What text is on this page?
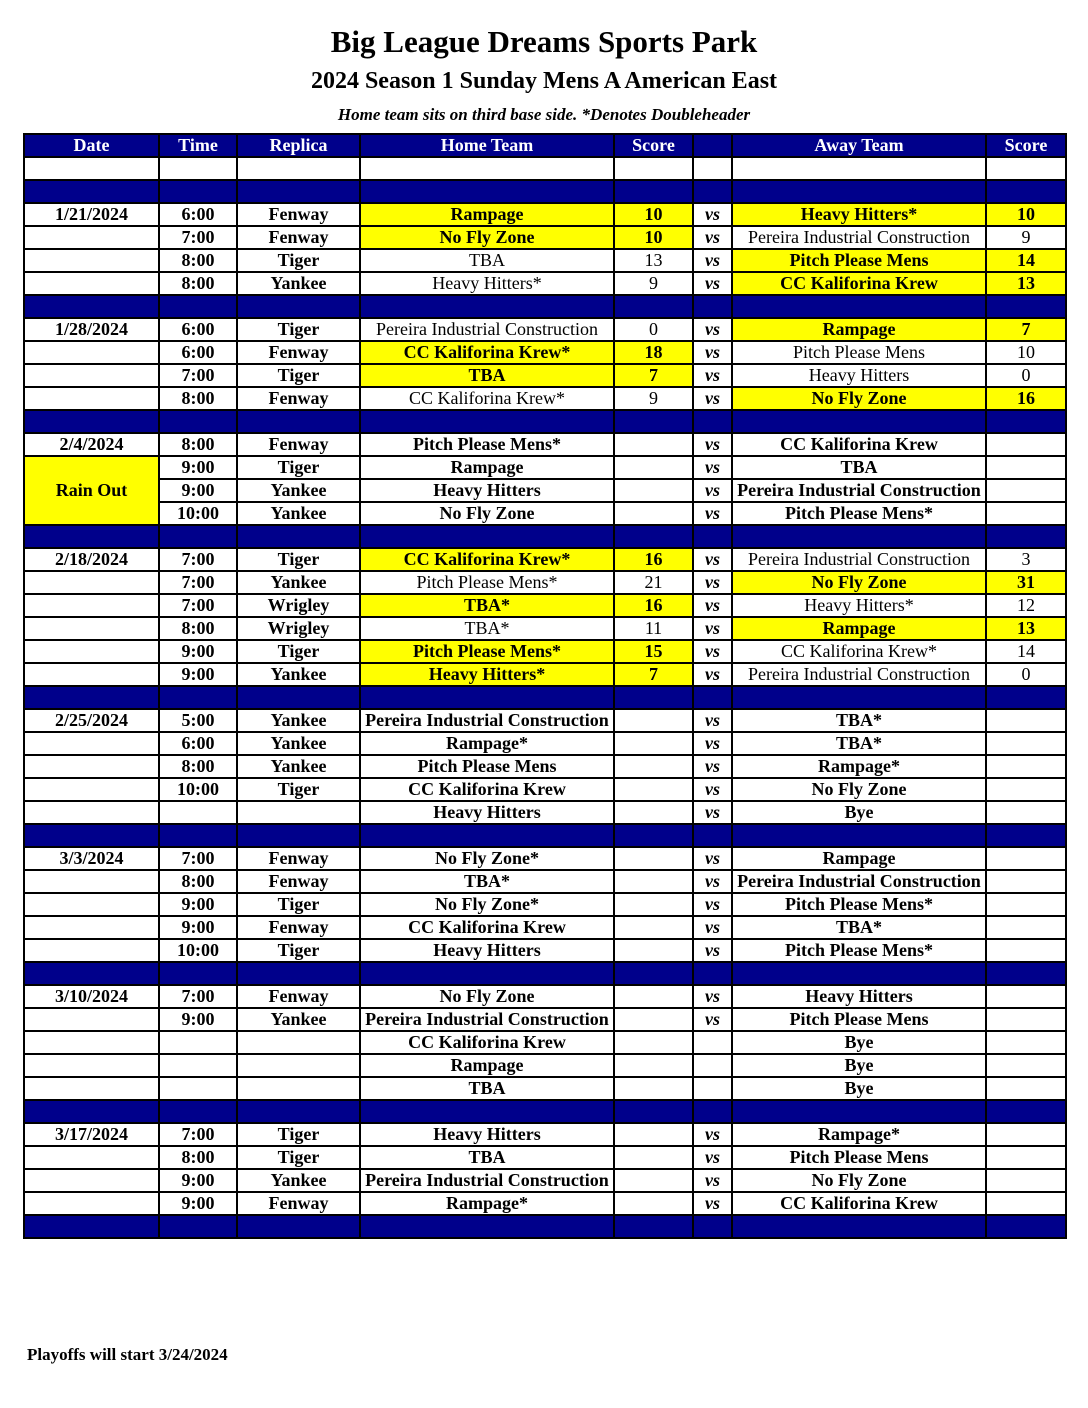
Big League Dreams Sports Park
2024 Season 1 Sunday Mens A American East
Home team sits on third base side. *Denotes Doubleheader
Date	Time	Replica	Home Team	Score		Away Team	Score

1/21/2024	6:00	Fenway	Rampage	10	vs	Heavy Hitters*	10
	7:00	Fenway	No Fly Zone	10	vs	Pereira Industrial Construction	9
	8:00	Tiger	TBA	13	vs	Pitch Please Mens	14
	8:00	Yankee	Heavy Hitters*	9	vs	CC Kaliforina Krew	13

1/28/2024	6:00	Tiger	Pereira Industrial Construction	0	vs	Rampage	7
	6:00	Fenway	CC Kaliforina Krew*	18	vs	Pitch Please Mens	10
	7:00	Tiger	TBA	7	vs	Heavy Hitters	0
	8:00	Fenway	CC Kaliforina Krew*	9	vs	No Fly Zone	16

2/4/2024	8:00	Fenway	Pitch Please Mens*		vs	CC Kaliforina Krew	
Rain Out	9:00	Tiger	Rampage		vs	TBA	
	9:00	Yankee	Heavy Hitters		vs	Pereira Industrial Construction	
	10:00	Yankee	No Fly Zone		vs	Pitch Please Mens*	

2/18/2024	7:00	Tiger	CC Kaliforina Krew*	16	vs	Pereira Industrial Construction	3
	7:00	Yankee	Pitch Please Mens*	21	vs	No Fly Zone	31
	7:00	Wrigley	TBA*	16	vs	Heavy Hitters*	12
	8:00	Wrigley	TBA*	11	vs	Rampage	13
	9:00	Tiger	Pitch Please Mens*	15	vs	CC Kaliforina Krew*	14
	9:00	Yankee	Heavy Hitters*	7	vs	Pereira Industrial Construction	0

2/25/2024	5:00	Yankee	Pereira Industrial Construction		vs	TBA*	
	6:00	Yankee	Rampage*		vs	TBA*	
	8:00	Yankee	Pitch Please Mens		vs	Rampage*	
	10:00	Tiger	CC Kaliforina Krew		vs	No Fly Zone	
			Heavy Hitters		vs	Bye	

3/3/2024	7:00	Fenway	No Fly Zone*		vs	Rampage	
	8:00	Fenway	TBA*		vs	Pereira Industrial Construction	
	9:00	Tiger	No Fly Zone*		vs	Pitch Please Mens*	
	9:00	Fenway	CC Kaliforina Krew		vs	TBA*	
	10:00	Tiger	Heavy Hitters		vs	Pitch Please Mens*	

3/10/2024	7:00	Fenway	No Fly Zone		vs	Heavy Hitters	
	9:00	Yankee	Pereira Industrial Construction		vs	Pitch Please Mens	
			CC Kaliforina Krew			Bye	
			Rampage			Bye	
			TBA			Bye	

3/17/2024	7:00	Tiger	Heavy Hitters		vs	Rampage*	
	8:00	Tiger	TBA		vs	Pitch Please Mens	
	9:00	Yankee	Pereira Industrial Construction		vs	No Fly Zone	
	9:00	Fenway	Rampage*		vs	CC Kaliforina Krew	

Playoffs will start 3/24/2024
